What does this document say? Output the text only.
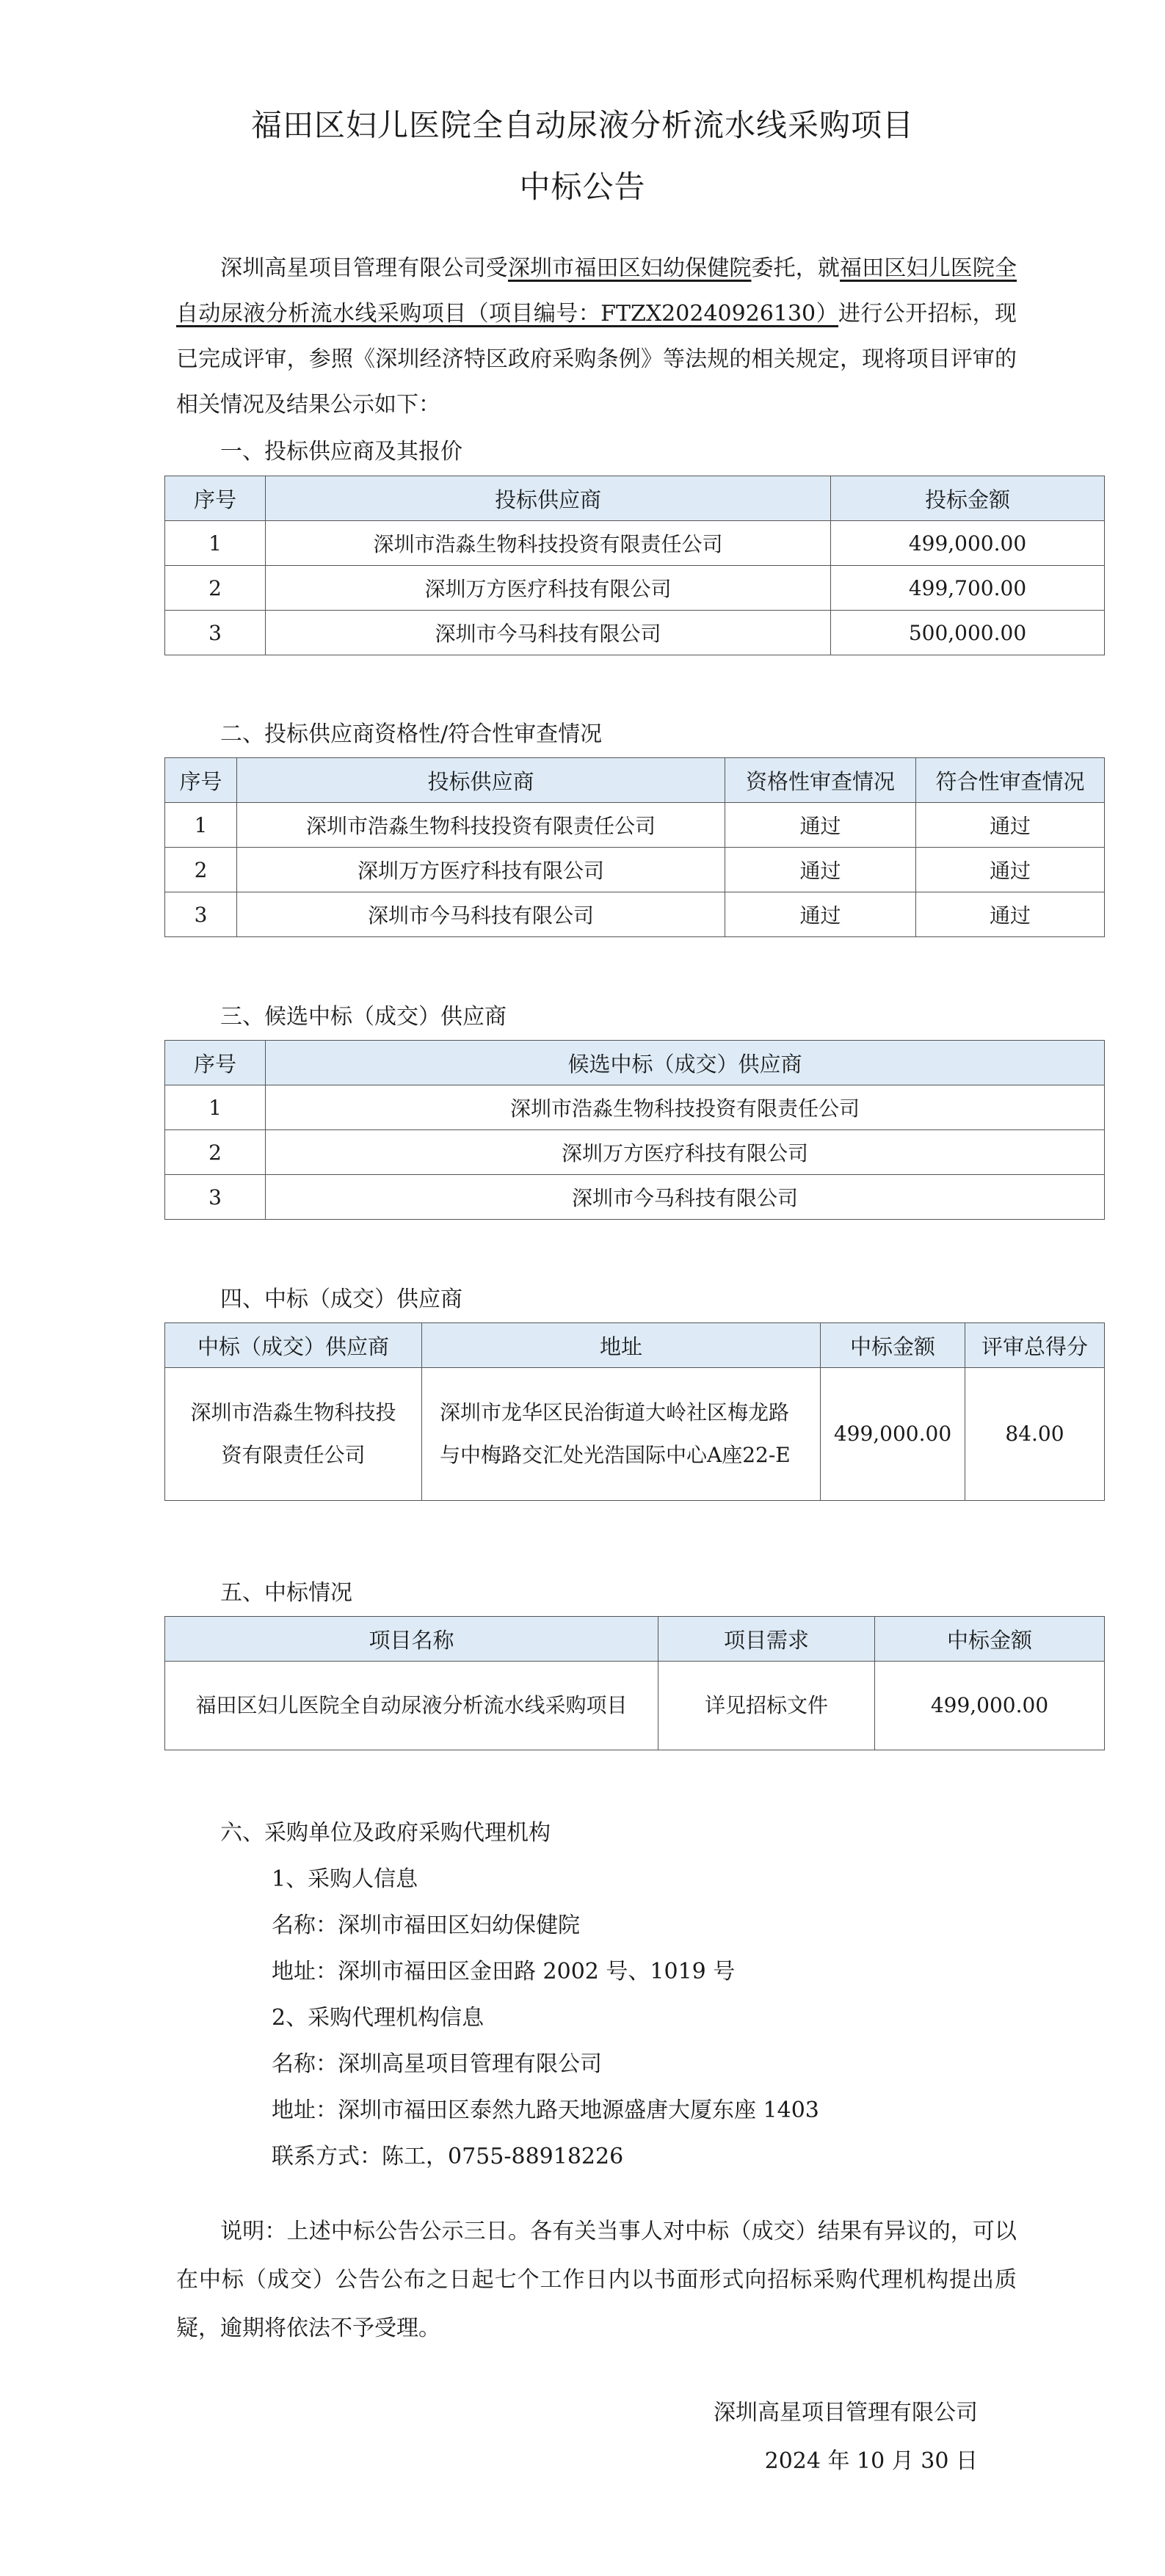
福田区妇儿医院全自动尿液分析流水线采购项目
中标公告
深圳高星项目管理有限公司受深圳市福田区妇幼保健院委托，就福田区妇儿医院全自动尿液分析流水线采购项目（项目编号：FTZX20240926130）进行公开招标，现已完成评审，参照《深圳经济特区政府采购条例》等法规的相关规定，现将项目评审的相关情况及结果公示如下：
一、投标供应商及其报价
序号	投标供应商	投标金额
1	深圳市浩淼生物科技投资有限责任公司	499,000.00
2	深圳万方医疗科技有限公司	499,700.00
3	深圳市今马科技有限公司	500,000.00
二、投标供应商资格性/符合性审查情况
序号	投标供应商	资格性审查情况	符合性审查情况
1	深圳市浩淼生物科技投资有限责任公司	通过	通过
2	深圳万方医疗科技有限公司	通过	通过
3	深圳市今马科技有限公司	通过	通过
三、候选中标（成交）供应商
序号	候选中标（成交）供应商
1	深圳市浩淼生物科技投资有限责任公司
2	深圳万方医疗科技有限公司
3	深圳市今马科技有限公司
四、中标（成交）供应商
中标（成交）供应商	地址	中标金额	评审总得分
深圳市浩淼生物科技投资有限责任公司	深圳市龙华区民治街道大岭社区梅龙路与中梅路交汇处光浩国际中心A座22-E	499,000.00	84.00
五、中标情况
项目名称	项目需求	中标金额
福田区妇儿医院全自动尿液分析流水线采购项目	详见招标文件	499,000.00
六、采购单位及政府采购代理机构
1、采购人信息
名称：深圳市福田区妇幼保健院
地址：深圳市福田区金田路 2002 号、1019 号
2、采购代理机构信息
名称：深圳高星项目管理有限公司
地址：深圳市福田区泰然九路天地源盛唐大厦东座 1403
联系方式：陈工，0755-88918226
说明：上述中标公告公示三日。各有关当事人对中标（成交）结果有异议的，可以在中标（成交）公告公布之日起七个工作日内以书面形式向招标采购代理机构提出质疑，逾期将依法不予受理。
深圳高星项目管理有限公司
2024 年 10 月 30 日
